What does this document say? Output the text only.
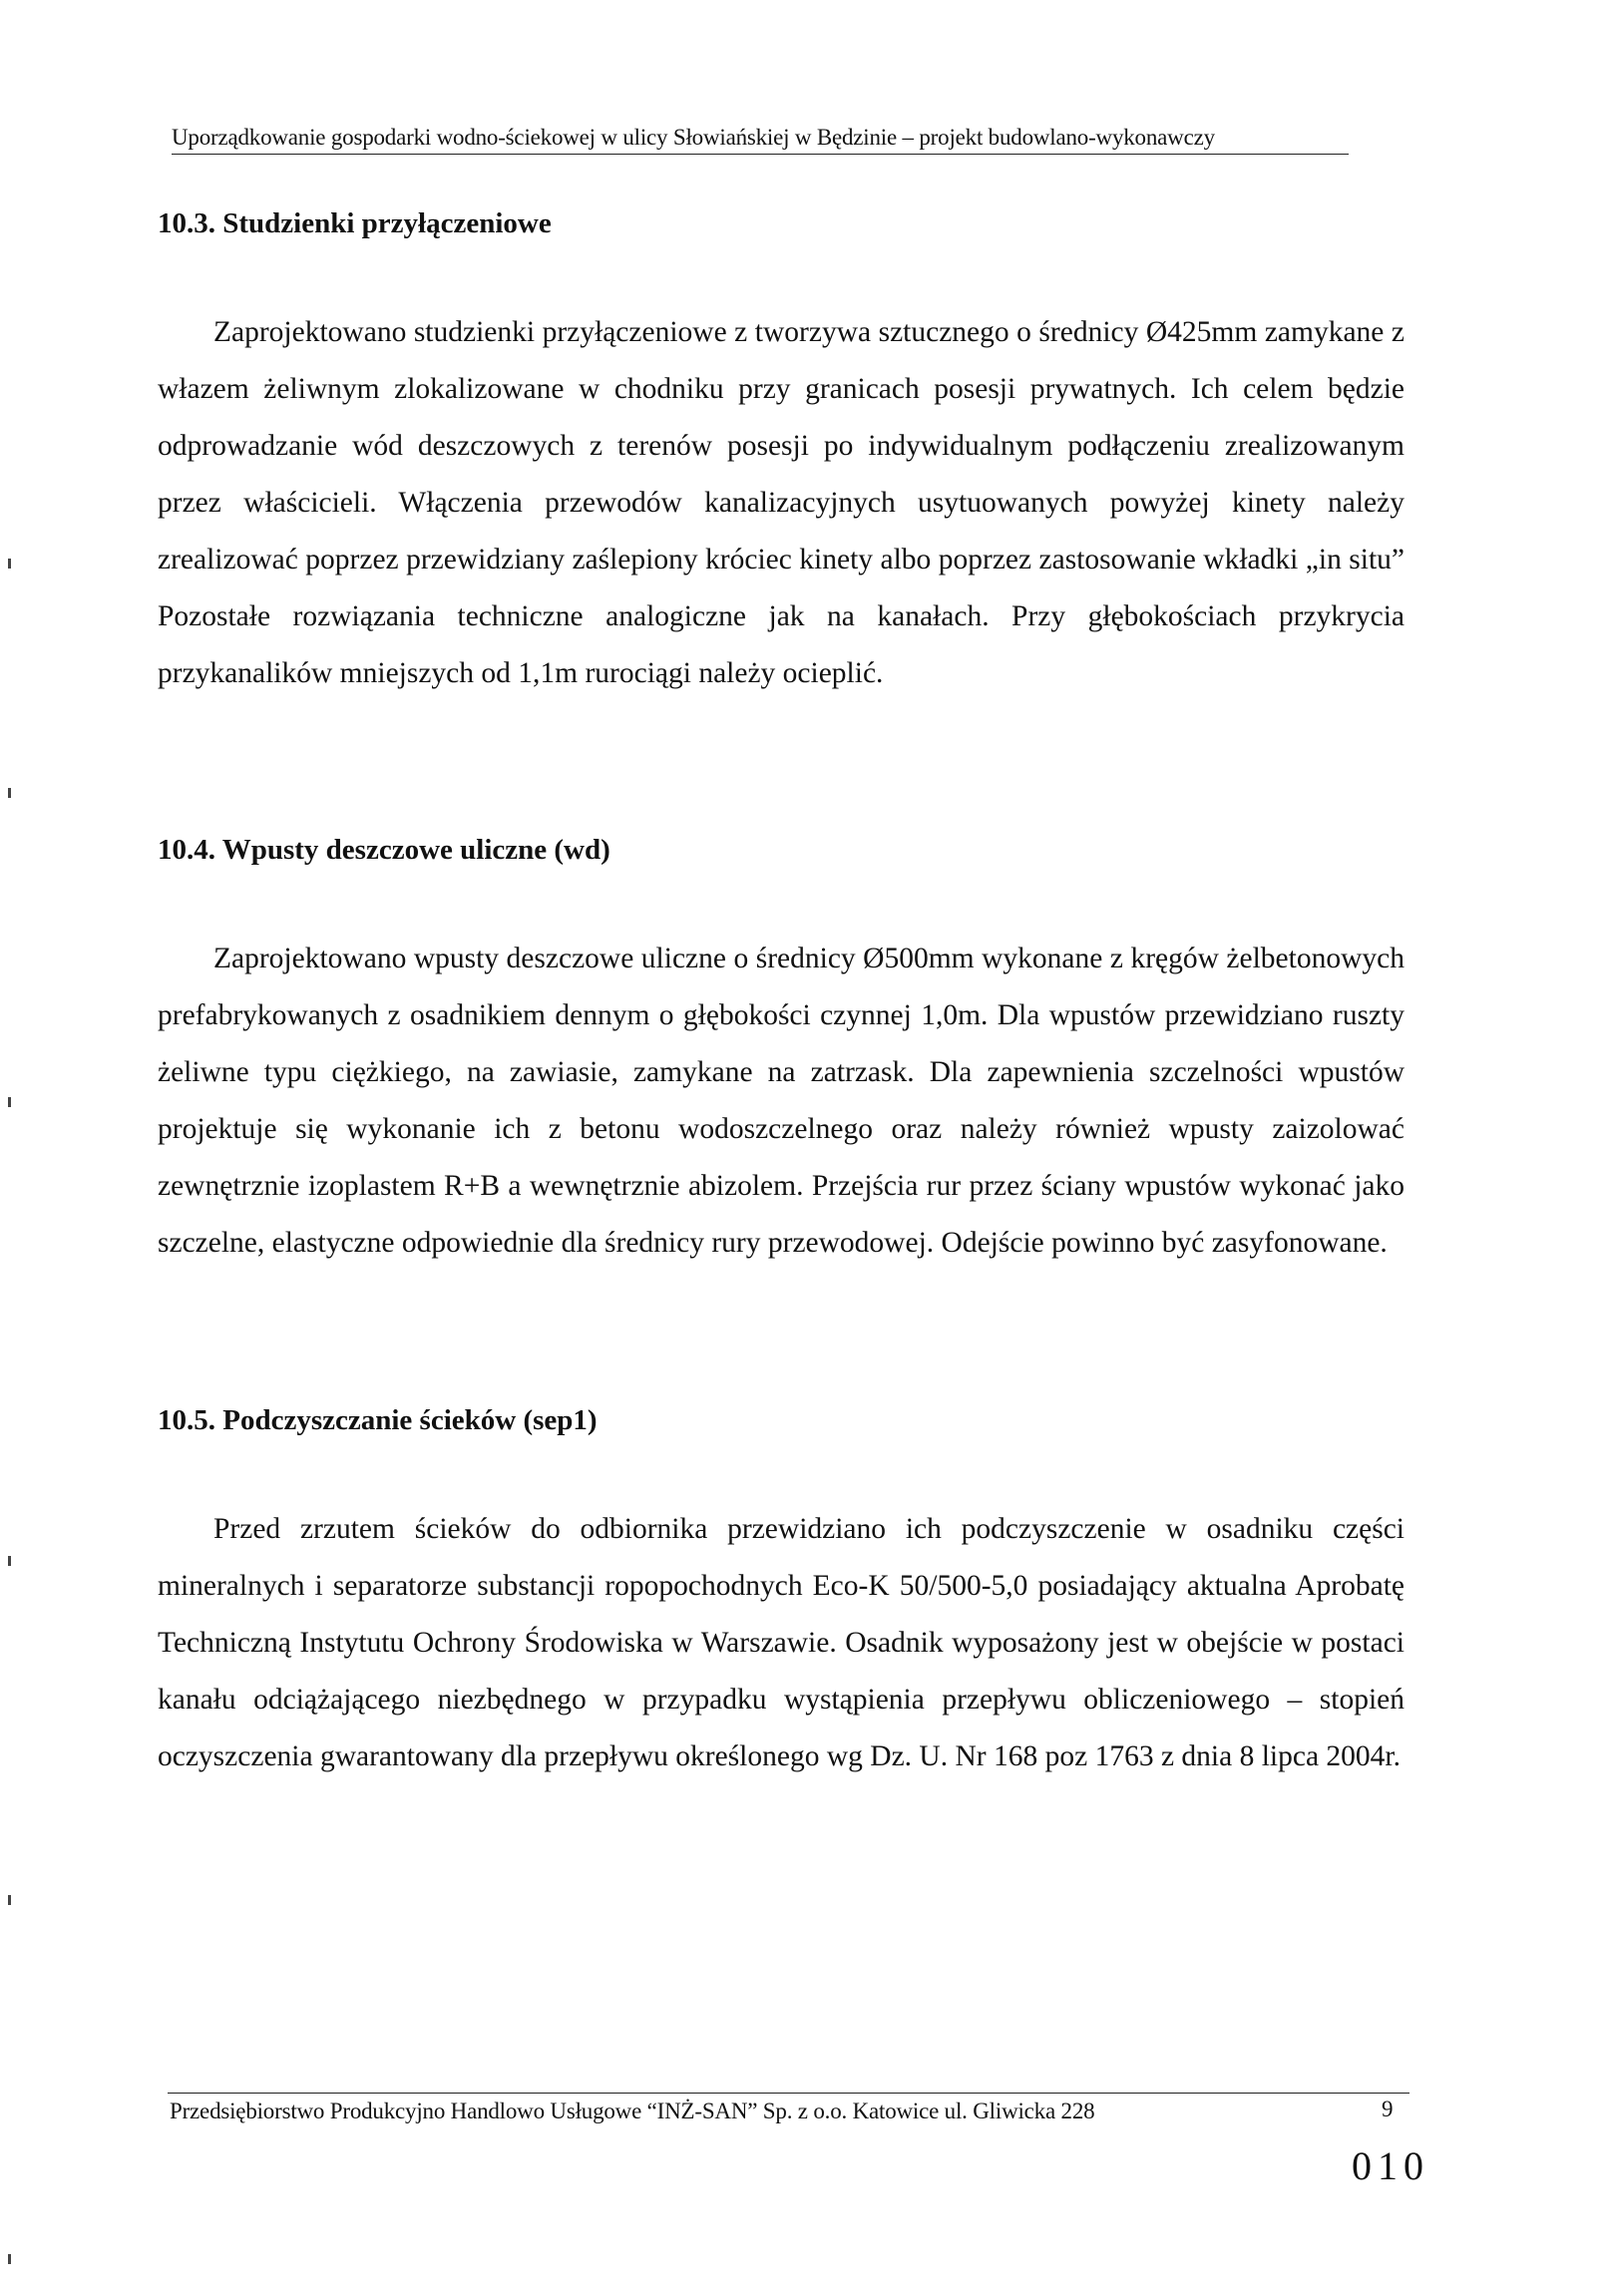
Uporządkowanie gospodarki wodno-ściekowej w ulicy Słowiańskiej w Będzinie – projekt budowlano-wykonawczy
10.3. Studzienki przyłączeniowe

Zaprojektowano studzienki przyłączeniowe z tworzywa sztucznego o średnicy Ø425mm zamykane z włazem żeliwnym zlokalizowane w chodniku przy granicach posesji prywatnych. Ich celem będzie odprowadzanie wód deszczowych z terenów posesji po indywidualnym podłączeniu zrealizowanym przez właścicieli. Włączenia przewodów kanalizacyjnych usytuowanych powyżej kinety należy zrealizować poprzez przewidziany zaślepiony króciec kinety albo poprzez zastosowanie wkładki „in situ” Pozostałe rozwiązania techniczne analogiczne jak na kanałach. Przy głębokościach przykrycia przykanalików mniejszych od 1,1m rurociągi należy ocieplić.

10.4. Wpusty deszczowe uliczne (wd)

Zaprojektowano wpusty deszczowe uliczne o średnicy Ø500mm wykonane z kręgów żelbetonowych prefabrykowanych z osadnikiem dennym o głębokości czynnej 1,0m. Dla wpustów przewidziano ruszty żeliwne typu ciężkiego, na zawiasie, zamykane na zatrzask. Dla zapewnienia szczelności wpustów projektuje się wykonanie ich z betonu wodoszczelnego oraz należy również wpusty zaizolować zewnętrznie izoplastem R+B a wewnętrznie abizolem. Przejścia rur przez ściany wpustów wykonać jako szczelne, elastyczne odpowiednie dla średnicy rury przewodowej. Odejście powinno być zasyfonowane.

10.5. Podczyszczanie ścieków (sep1)

Przed zrzutem ścieków do odbiornika przewidziano ich podczyszczenie w osadniku części mineralnych i separatorze substancji ropopochodnych Eco-K 50/500-5,0 posiadający aktualna Aprobatę Techniczną Instytutu Ochrony Środowiska w Warszawie. Osadnik wyposażony jest w obejście w postaci kanału odciążającego niezbędnego w przypadku wystąpienia przepływu obliczeniowego – stopień oczyszczenia gwarantowany dla przepływu określonego wg Dz. U. Nr 168 poz 1763 z dnia 8 lipca 2004r.

Przedsiębiorstwo Produkcyjno Handlowo Usługowe “INŻ-SAN” Sp. z o.o. Katowice ul. Gliwicka 228	9
010
